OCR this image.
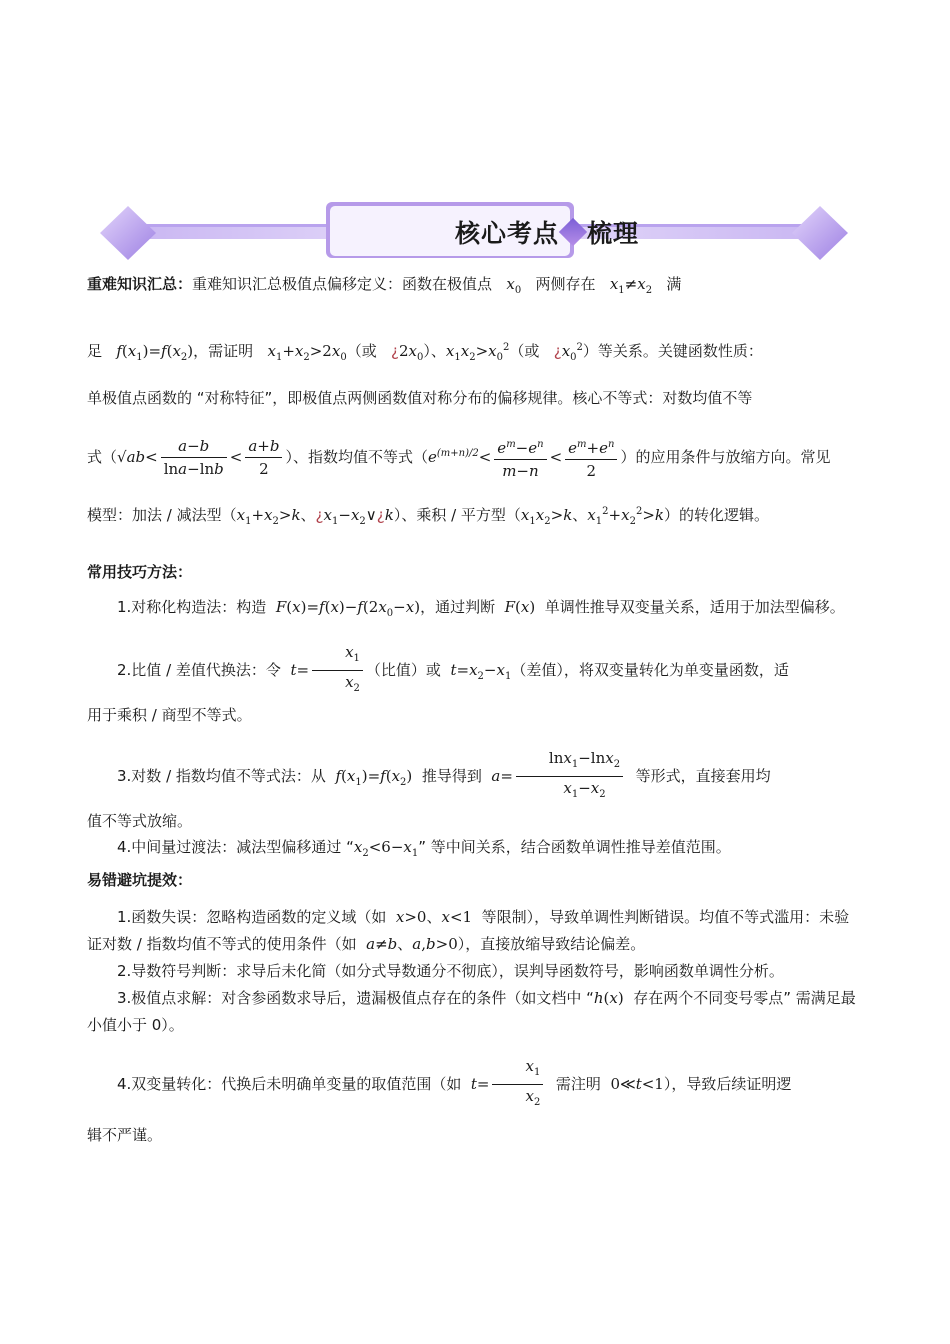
核心考点 梳理

重难知识汇总：重难知识汇总极值点偏移定义：函数在极值点 $x_0$ 两侧存在 $x_1\ne x_2$ 满

足 $f(x_1)=f(x_2)$，需证明 $x_1+x_2>2x_0$（或 ¿$2x_0$）、$x_1x_2>x_0^2$（或 ¿$x_0^2$）等关系。关键函数性质：

单极值点函数的 “对称特征”，即极值点两侧函数值对称分布的偏移规律。核心不等式：对数均值不等

式（$√ab< \frac{a-b}{\ln a-\ln b} < \frac{a+b}{2}$ ）、指数均值不等式（$e^{(m+n)/2}< \frac{e^m-e^n}{m-n} < \frac{e^m+e^n}{2}$ ）的应用条件与放缩方向。常见

模型：加法 / 减法型（$x_1+x_2>k$、¿$x_1-x_2\vee¿k$）、乘积 / 平方型（$x_1x_2>k$、$x_1^2+x_2^2>k$）的转化逻辑。

常用技巧方法：

1.对称化构造法：构造 $F(x)=f(x)-f(2x_0-x)$，通过判断 F(x) 单调性推导双变量关系，适用于加法型偏移。

2.比值 / 差值代换法：令 $t= \frac{x_1}{x_2}$ （比值）或 $t=x_2-x_1$（差值），将双变量转化为单变量函数，适

用于乘积 / 商型不等式。

3.对数 / 指数均值不等式法：从 $f(x_1)=f(x_2)$ 推导得到 $a= \frac{\ln x_1-\ln x_2}{x_1-x_2}$ 等形式，直接套用均

值不等式放缩。

4.中间量过渡法：减法型偏移通过 “$x_2<6-x_1$” 等中间关系，结合函数单调性推导差值范围。

易错避坑提效：

1.函数失误：忽略构造函数的定义域（如 x>0、x<1 等限制），导致单调性判断错误。均值不等式滥用：未验证对数 / 指数均值不等式的使用条件（如 a≠b、a,b>0），直接放缩导致结论偏差。

2.导数符号判断：求导后未化简（如分式导数通分不彻底），误判导函数符号，影响函数单调性分析。

3.极值点求解：对含参函数求导后，遗漏极值点存在的条件（如文档中 “h(x) 存在两个不同变号零点” 需满足最小值小于 0）。

4.双变量转化：代换后未明确单变量的取值范围（如 $t= \frac{x_1}{x_2}$ 需注明 0≪t<1），导致后续证明逻

辑不严谨。
